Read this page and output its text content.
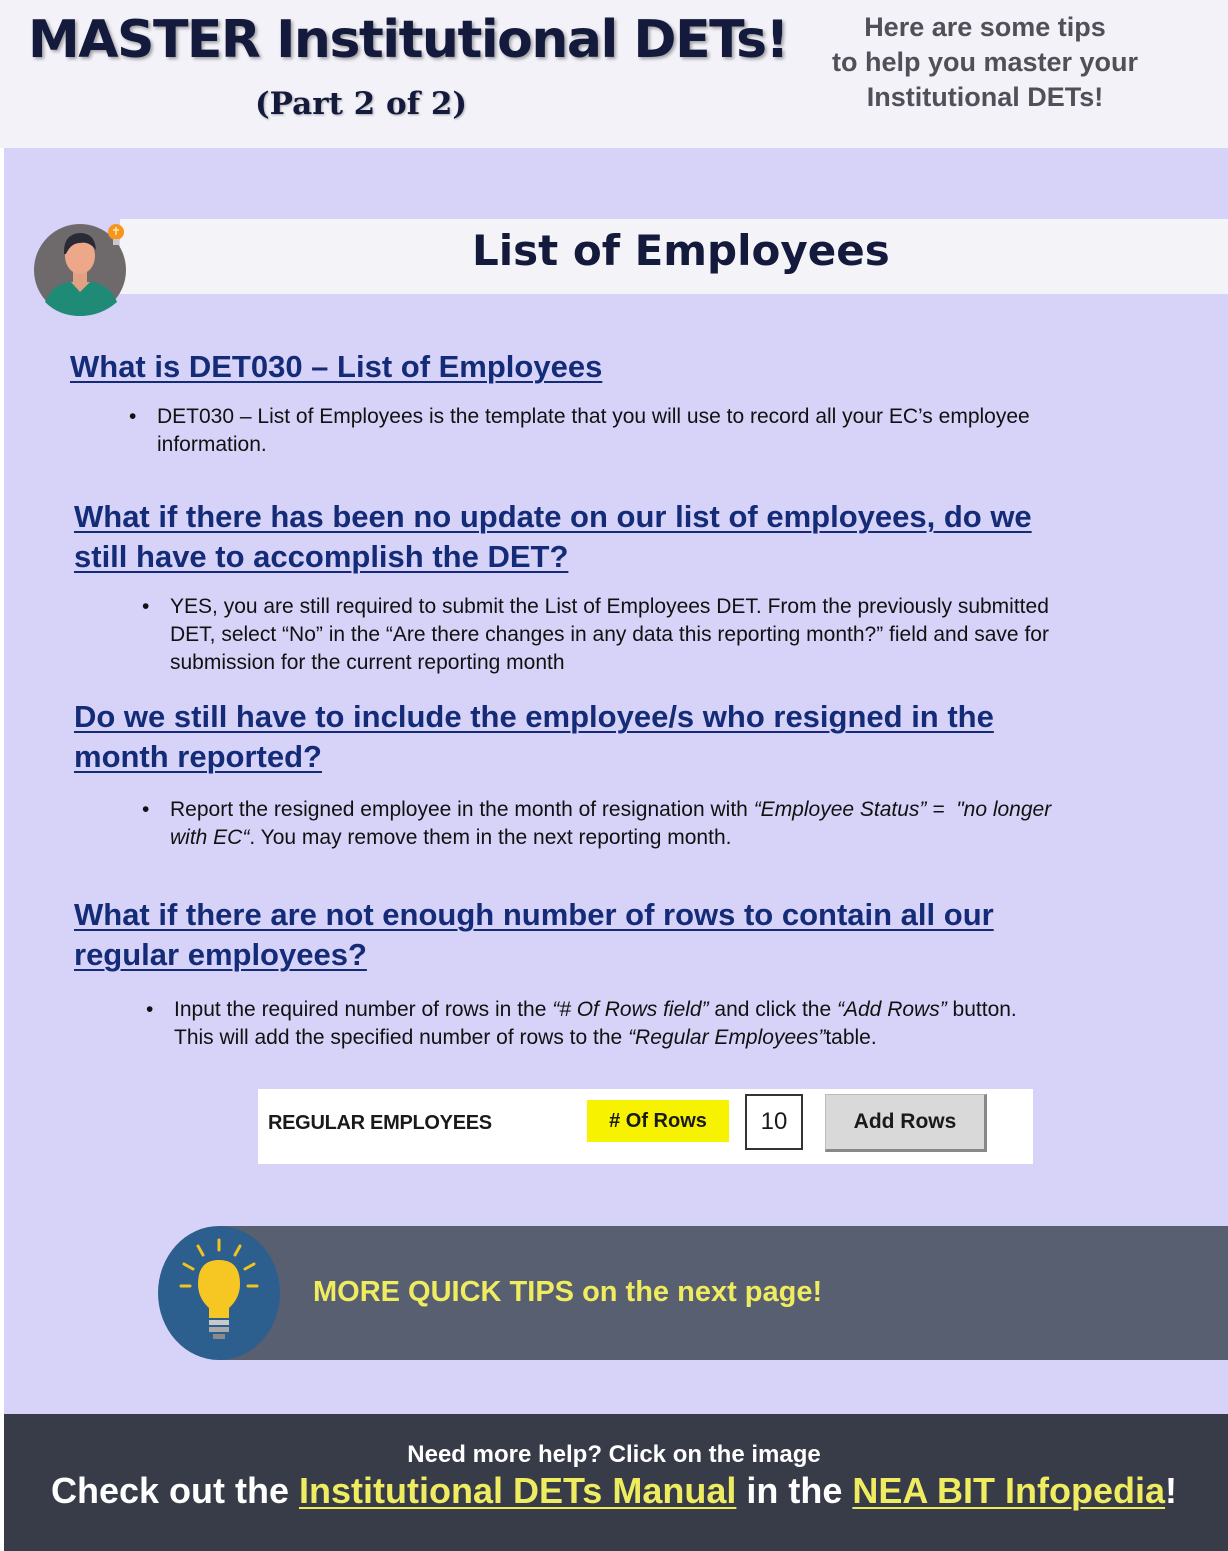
MASTER Institutional DETs!
(Part 2 of 2)
Here are some tips
to help you master your
Institutional DETs!
List of Employees
What is DET030 – List of Employees
• DET030 – List of Employees is the template that you will use to record all your EC’s employee
information.
What if there has been no update on our list of employees, do we
still have to accomplish the DET?
• YES, you are still required to submit the List of Employees DET. From the previously submitted
DET, select “No” in the “Are there changes in any data this reporting month?” field and save for
submission for the current reporting month
Do we still have to include the employee/s who resigned in the
month reported?
• Report the resigned employee in the month of resignation with “Employee Status” =  "no longer
with EC“. You may remove them in the next reporting month.
What if there are not enough number of rows to contain all our
regular employees?
• Input the required number of rows in the “# Of Rows field” and click the “Add Rows” button.
This will add the specified number of rows to the “Regular Employees”table.
REGULAR EMPLOYEES	# Of Rows	10	Add Rows
MORE QUICK TIPS on the next page!
Need more help? Click on the image
Check out the Institutional DETs Manual in the NEA BIT Infopedia!
